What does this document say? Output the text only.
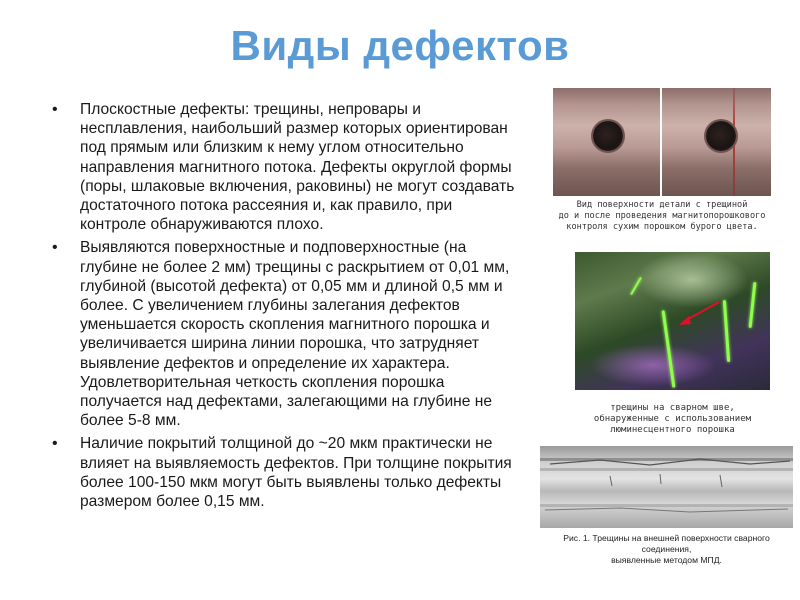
Виды дефектов
• Плоскостные дефекты: трещины, непровары и несплавления, наибольший размер которых ориентирован под прямым или близким к нему углом относительно направления магнитного потока. Дефекты округлой формы (поры, шлаковые включения, раковины) не могут создавать достаточного потока рассеяния и, как правило, при контроле обнаруживаются плохо.
• Выявляются поверхностные и подповерхностные (на глубине не более 2 мм) трещины с раскрытием от 0,01 мм, глубиной (высотой дефекта) от 0,05 мм и длиной 0,5 мм и более. С увеличением глубины залегания дефектов уменьшается скорость скопления магнитного порошка и увеличивается ширина линии порошка, что затрудняет выявление дефектов и определение их характера. Удовлетворительная четкость скопления порошка получается над дефектами, залегающими на глубине не более 5-8 мм.
• Наличие покрытий толщиной до ~20 мкм практически не влияет на выявляемость дефектов. При толщине покрытия более 100-150 мкм могут быть выявлены только дефекты размером более 0,15 мм.
Вид поверхности детали с трещиной
до и после проведения магнитопорошкового
контроля сухим порошком бурого цвета.
трещины на сварном шве,
обнаруженные с использованием
люминесцентного порошка
Рис. 1. Трещины на внешней поверхности сварного соединения,
выявленные методом МПД.
